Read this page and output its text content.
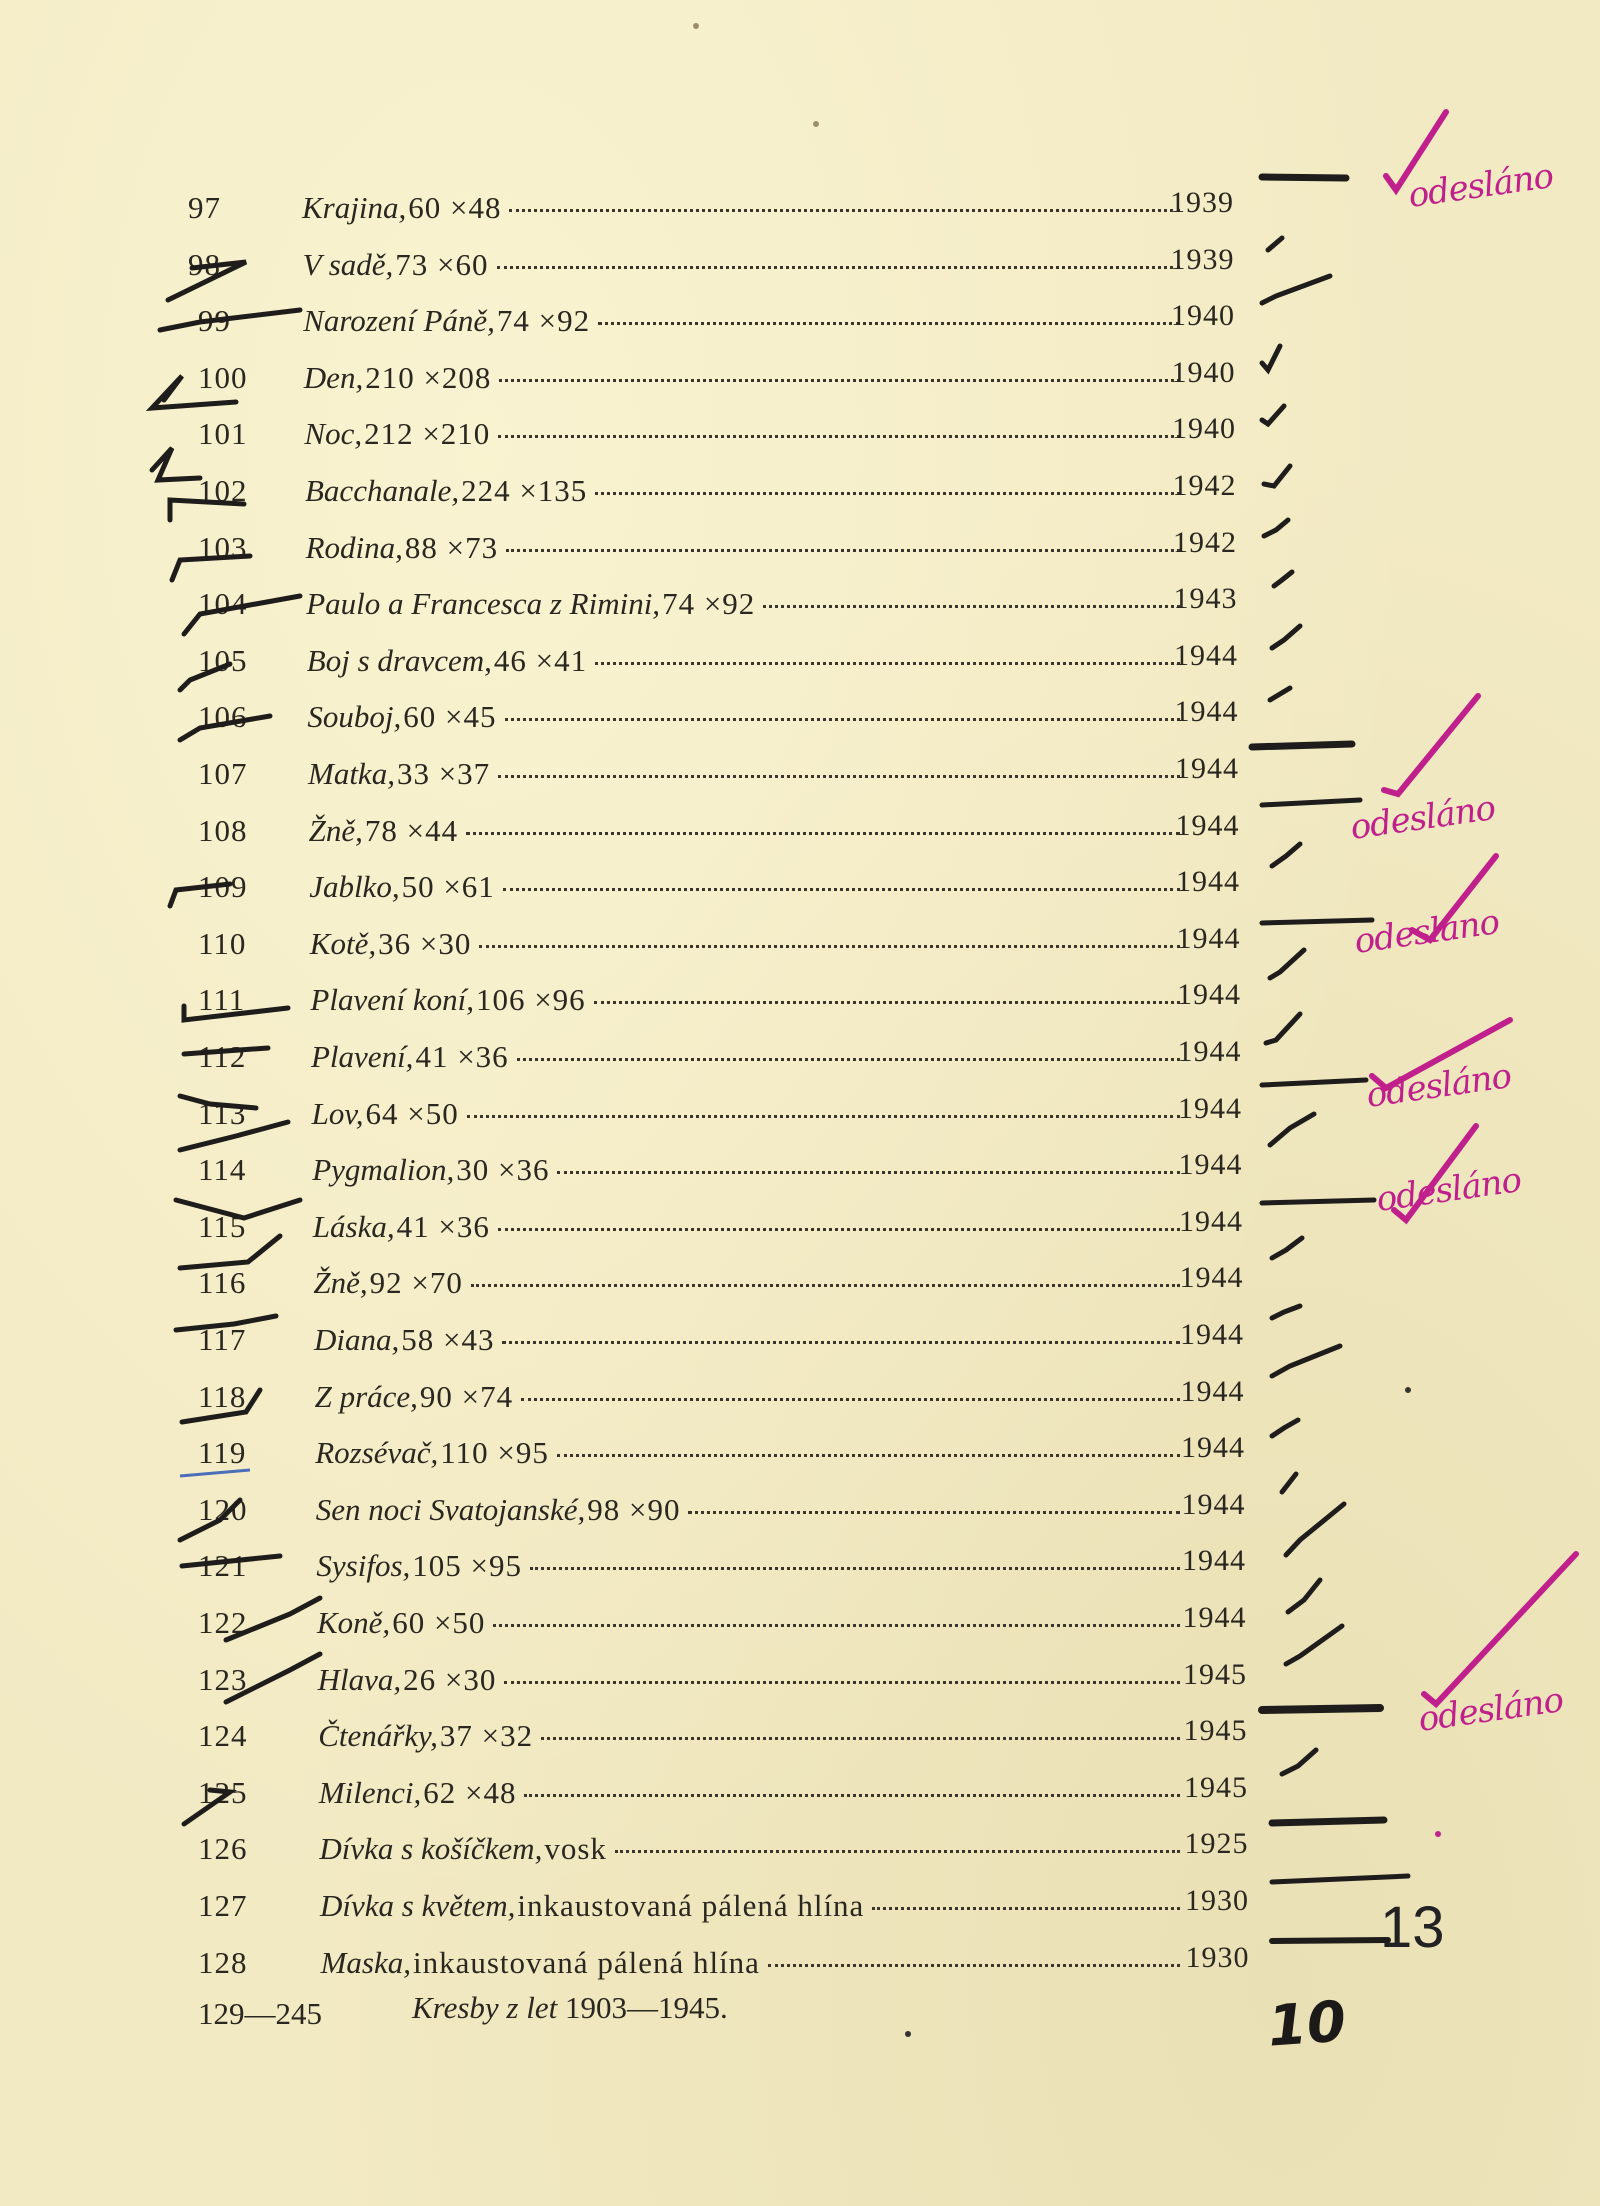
97	Krajina, 60 ×48	1939
98	V sadě, 73 ×60	1939
99 Narození Páně, 74 ×92	1940
100 Den, 210 ×208	1940
101 Noc, 212 ×210	1940
102 Bacchanale, 224 ×135	1942
103 Rodina, 88 ×73	1942
104 Paulo a Francesca z Rimini, 74 ×92	1943
105 Boj s dravcem, 46 ×41	1944
106 Souboj, 60 ×45	1944
107 Matka, 33 ×37	1944
108 Žně, 78 ×44	1944
109 Jablko, 50 ×61	1944
110 Kotě, 36 ×30	1944
111 Plavení koní, 106 ×96	1944
112 Plavení, 41 ×36	1944
113 Lov, 64 ×50	1944
114 Pygmalion, 30 ×36	1944
115 Láska, 41 ×36	1944
116 Žně, 92 ×70	1944
117 Diana, 58 ×43	1944
118 Z práce, 90 ×74	1944
119 Rozsévač, 110 ×95	1944
120 Sen noci Svatojanské, 98 ×90	1944
121 Sysifos, 105 ×95	1944
122 Koně, 60 ×50	1944
123 Hlava, 26 ×30	1945
124 Čtenářky, 37 ×32	1945
125 Milenci, 62 ×48	1945
126 Dívka s košíčkem, vosk	1925
127 Dívka s květem, inkaustovaná pálená hlína	1930
128 Maska, inkaustovaná pálená hlína	1930
129—245	Kresby z let 1903—1945.
13
10
odesláno
odesláno
odesláno
odesláno
odesláno
odesláno
